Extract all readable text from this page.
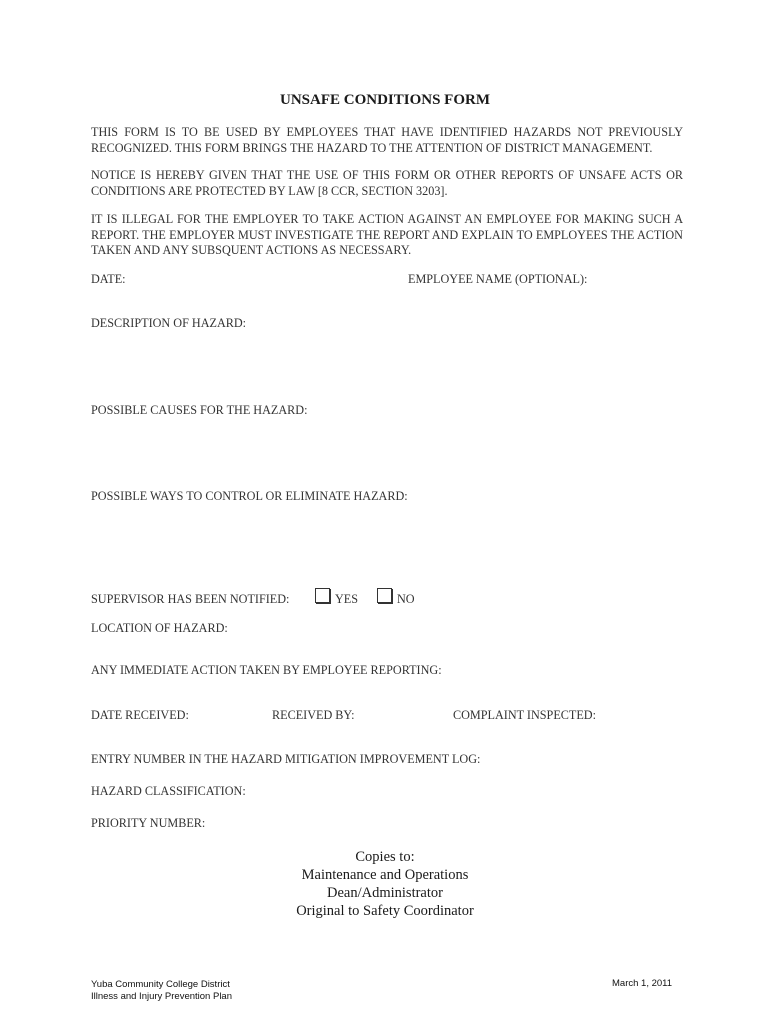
UNSAFE CONDITIONS FORM

THIS FORM IS TO BE USED BY EMPLOYEES THAT HAVE IDENTIFIED HAZARDS NOT PREVIOUSLY RECOGNIZED. THIS FORM BRINGS THE HAZARD TO THE ATTENTION OF DISTRICT MANAGEMENT.

NOTICE IS HEREBY GIVEN THAT THE USE OF THIS FORM OR OTHER REPORTS OF UNSAFE ACTS OR CONDITIONS ARE PROTECTED BY LAW [8 CCR, SECTION 3203].

IT IS ILLEGAL FOR THE EMPLOYER TO TAKE ACTION AGAINST AN EMPLOYEE FOR MAKING SUCH A REPORT. THE EMPLOYER MUST INVESTIGATE THE REPORT AND EXPLAIN TO EMPLOYEES THE ACTION TAKEN AND ANY SUBSQUENT ACTIONS AS NECESSARY.

DATE:	EMPLOYEE NAME (OPTIONAL):
DESCRIPTION OF HAZARD:
POSSIBLE CAUSES FOR THE HAZARD:
POSSIBLE WAYS TO CONTROL OR ELIMINATE HAZARD:
SUPERVISOR HAS BEEN NOTIFIED:	YES	NO
LOCATION OF HAZARD:
ANY IMMEDIATE ACTION TAKEN BY EMPLOYEE REPORTING:
DATE RECEIVED:	RECEIVED BY:	COMPLAINT INSPECTED:
ENTRY NUMBER IN THE HAZARD MITIGATION IMPROVEMENT LOG:
HAZARD CLASSIFICATION:
PRIORITY NUMBER:
Copies to:
Maintenance and Operations
Dean/Administrator
Original to Safety Coordinator
Yuba Community College District
Illness and Injury Prevention Plan
March 1, 2011
